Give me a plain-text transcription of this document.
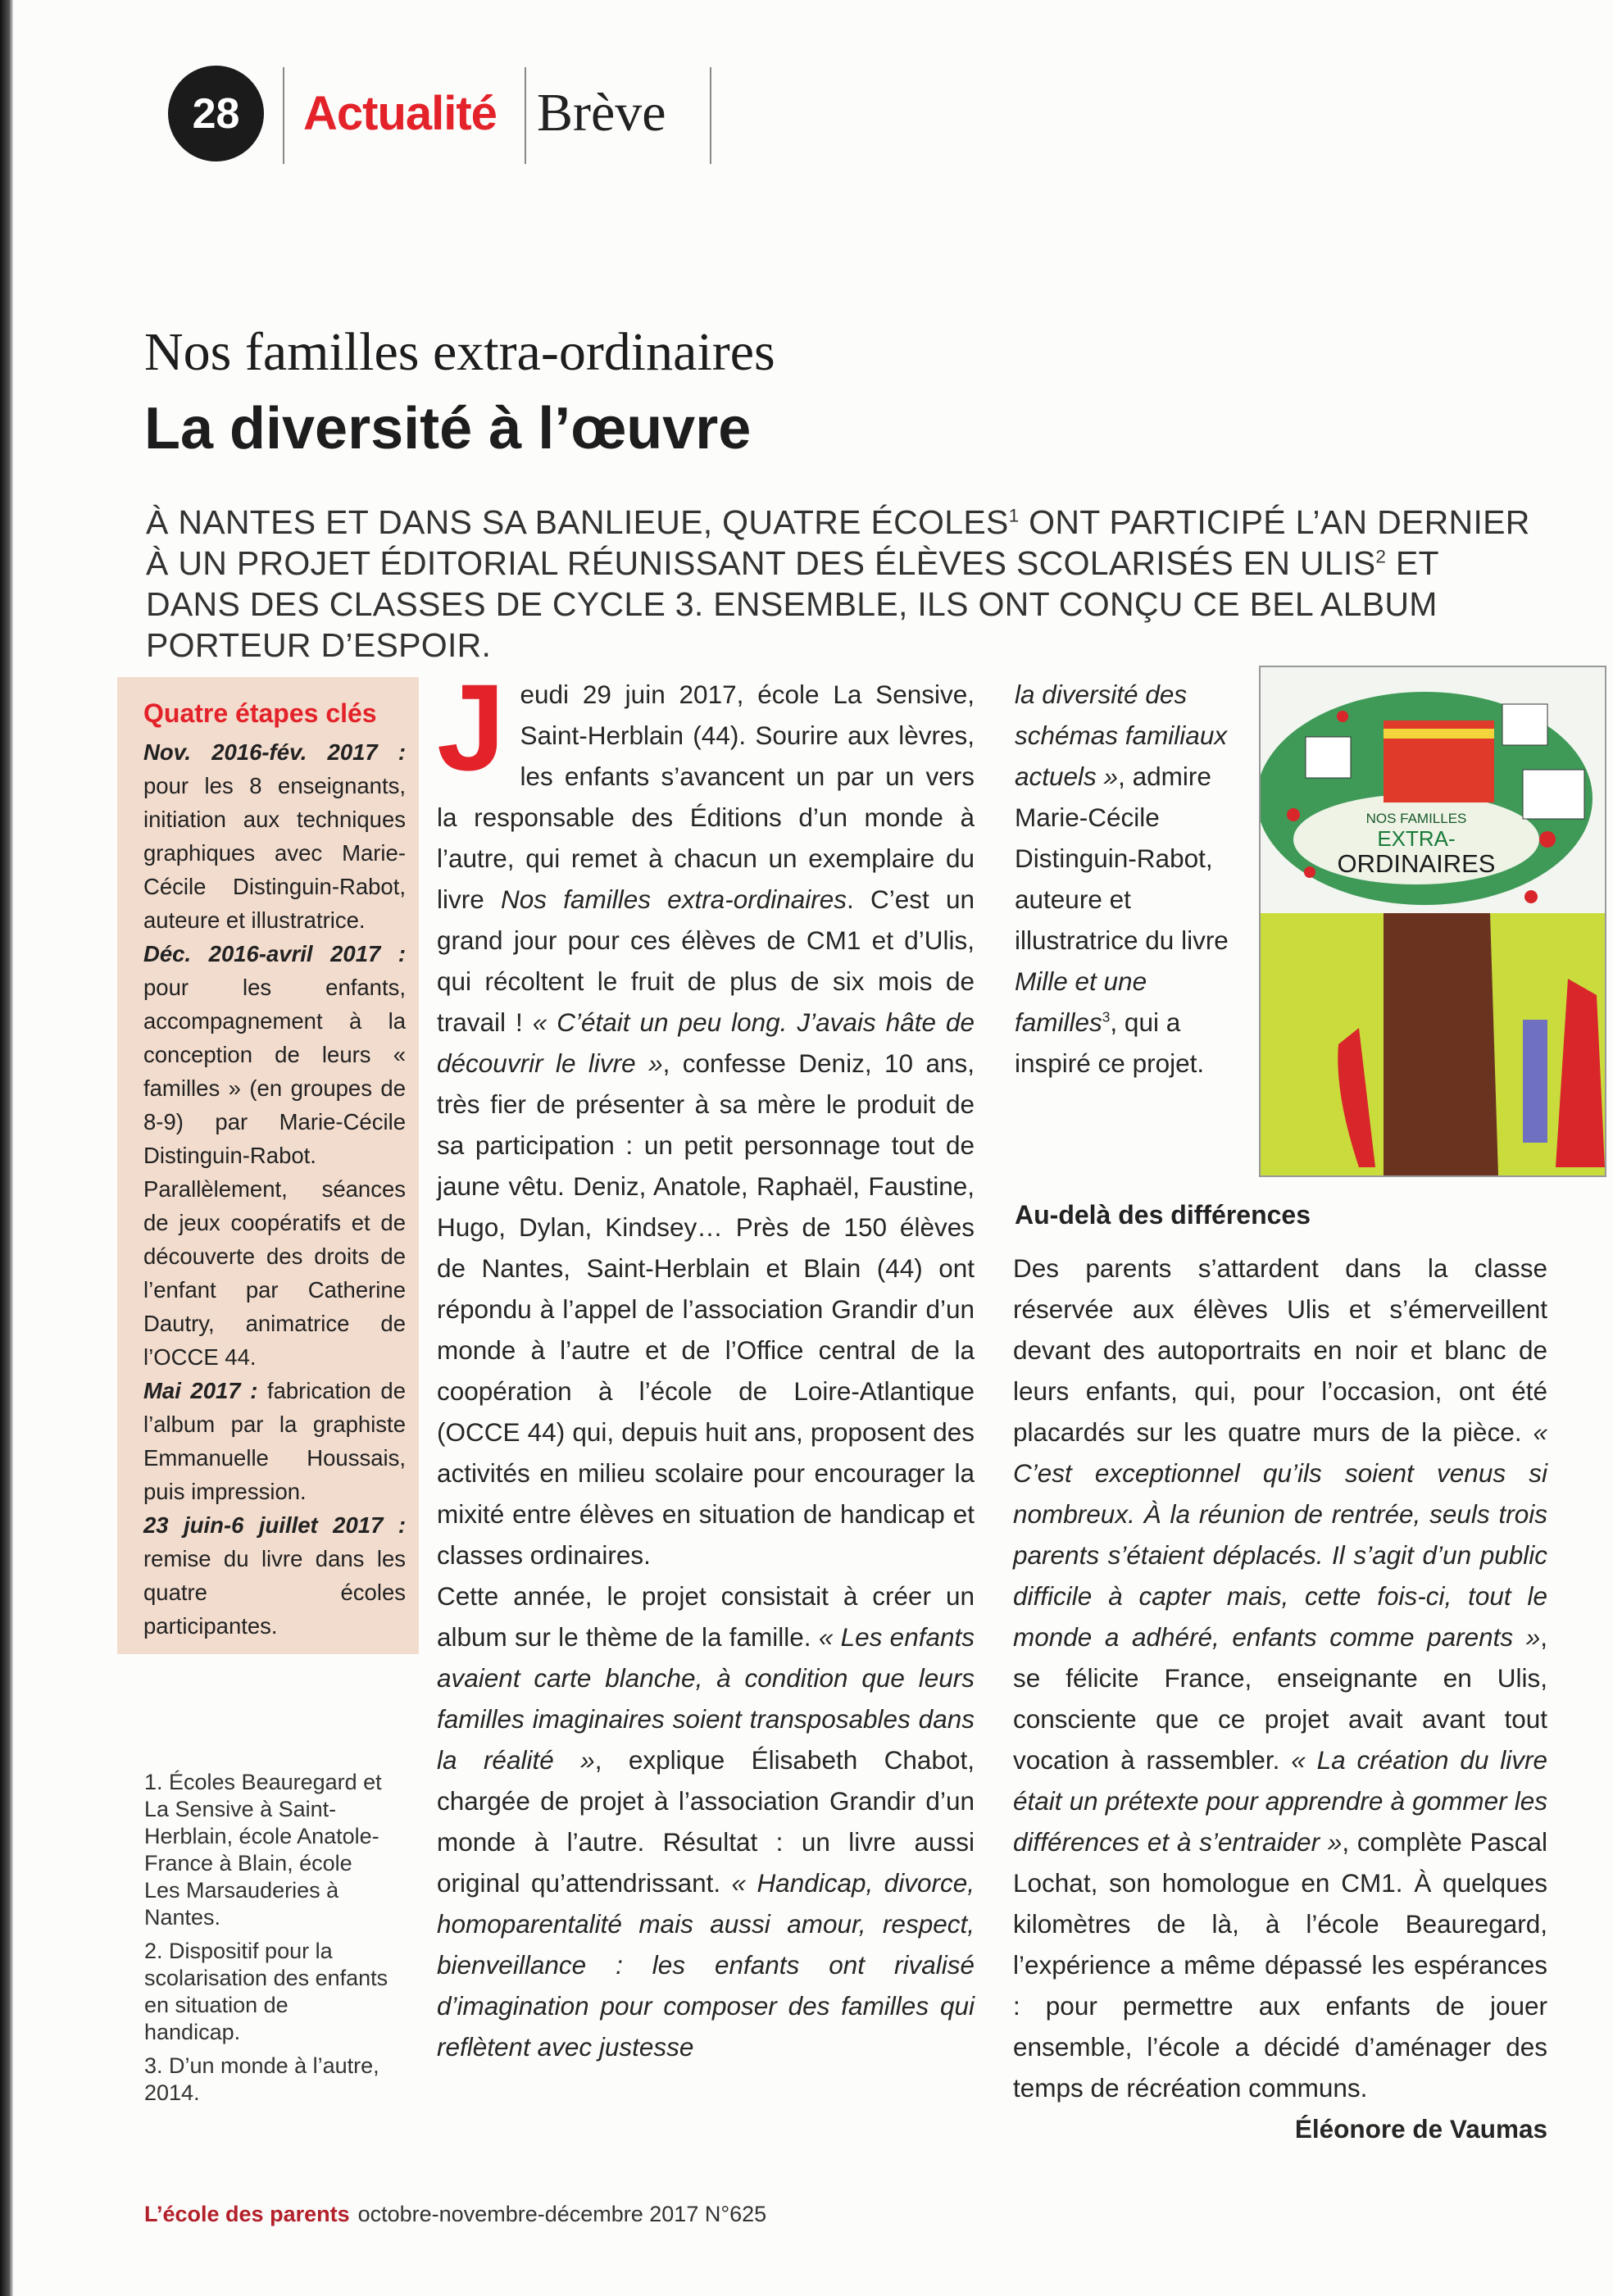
28 Actualité Brève
Nos familles extra-ordinaires
La diversité à l’œuvre
À NANTES ET DANS SA BANLIEUE, QUATRE ÉCOLES$^1$ ONT PARTICIPÉ L’AN DERNIER À UN PROJET ÉDITORIAL RÉUNISSANT DES ÉLÈVES SCOLARISÉS EN ULIS$^2$ ET DANS DES CLASSES DE CYCLE 3. ENSEMBLE, ILS ONT CONÇU CE BEL ALBUM PORTEUR D’ESPOIR.
Quatre étapes clés

Nov. 2016-fév. 2017 : pour les 8 enseignants, initiation aux techniques graphiques avec Marie-Cécile Distinguin-Rabot, auteure et illustratrice.

Déc. 2016-avril 2017 : pour les enfants, accompagnement à la conception de leurs « familles » (en groupes de 8-9) par Marie-Cécile Distinguin-Rabot. Parallèlement, séances de jeux coopératifs et de découverte des droits de l’enfant par Catherine Dautry, animatrice de l’OCCE 44.

Mai 2017 : fabrication de l’album par la graphiste Emmanuelle Houssais, puis impression.

23 juin-6 juillet 2017 : remise du livre dans les quatre écoles participantes.

J eudi 29 juin 2017, école La Sensive, Saint-Herblain (44). Sourire aux lèvres, les enfants s’avancent un par un vers la responsable des Éditions d’un monde à l’autre, qui remet à chacun un exemplaire du livre Nos familles extra-ordinaires. C’est un grand jour pour ces élèves de CM1 et d’Ulis, qui récoltent le fruit de plus de six mois de travail ! « C’était un peu long. J’avais hâte de découvrir le livre », confesse Deniz, 10 ans, très fier de présenter à sa mère le produit de sa participation : un petit personnage tout de jaune vêtu. Deniz, Anatole, Raphaël, Faustine, Hugo, Dylan, Kindsey… Près de 150 élèves de Nantes, Saint-Herblain et Blain (44) ont répondu à l’appel de l’association Grandir d’un monde à l’autre et de l’Office central de la coopération à l’école de Loire-Atlantique (OCCE 44) qui, depuis huit ans, proposent des activités en milieu scolaire pour encourager la mixité entre élèves en situation de handicap et classes ordinaires.

Cette année, le projet consistait à créer un album sur le thème de la famille. « Les enfants avaient carte blanche, à condition que leurs familles imaginaires soient transposables dans la réalité », explique Élisabeth Chabot, chargée de projet à l’association Grandir d’un monde à l’autre. Résultat : un livre aussi original qu’attendrissant. « Handicap, divorce, homoparentalité mais aussi amour, respect, bienveillance : les enfants ont rivalisé d’imagination pour composer des familles qui reflètent avec justesse

la diversité des schémas familiaux actuels », admire Marie-Cécile Distinguin-Rabot, auteure et illustratrice du livre Mille et une familles$^3$, qui a inspiré ce projet.

NOS FAMILLES
EXTRA-
ORDINAIRES
Au-delà des différences

Des parents s’attardent dans la classe réservée aux élèves Ulis et s’émerveillent devant des autoportraits en noir et blanc de leurs enfants, qui, pour l’occasion, ont été placardés sur les quatre murs de la pièce. « C’est exceptionnel qu’ils soient venus si nombreux. À la réunion de rentrée, seuls trois parents s’étaient déplacés. Il s’agit d’un public difficile à capter mais, cette fois-ci, tout le monde a adhéré, enfants comme parents », se félicite France, enseignante en Ulis, consciente que ce projet avait avant tout vocation à rassembler. « La création du livre était un prétexte pour apprendre à gommer les différences et à s’entraider », complète Pascal Lochat, son homologue en CM1. À quelques kilomètres de là, à l’école Beauregard, l’expérience a même dépassé les espérances : pour permettre aux enfants de jouer ensemble, l’école a décidé d’aménager des temps de récréation communs.
Éléonore de Vaumas

1. Écoles Beauregard et La Sensive à Saint-Herblain, école Anatole-France à Blain, école Les Marsauderies à Nantes.

2. Dispositif pour la scolarisation des enfants en situation de handicap.

3. D’un monde à l’autre, 2014.

L’école des parents octobre-novembre-décembre 2017 N°625
